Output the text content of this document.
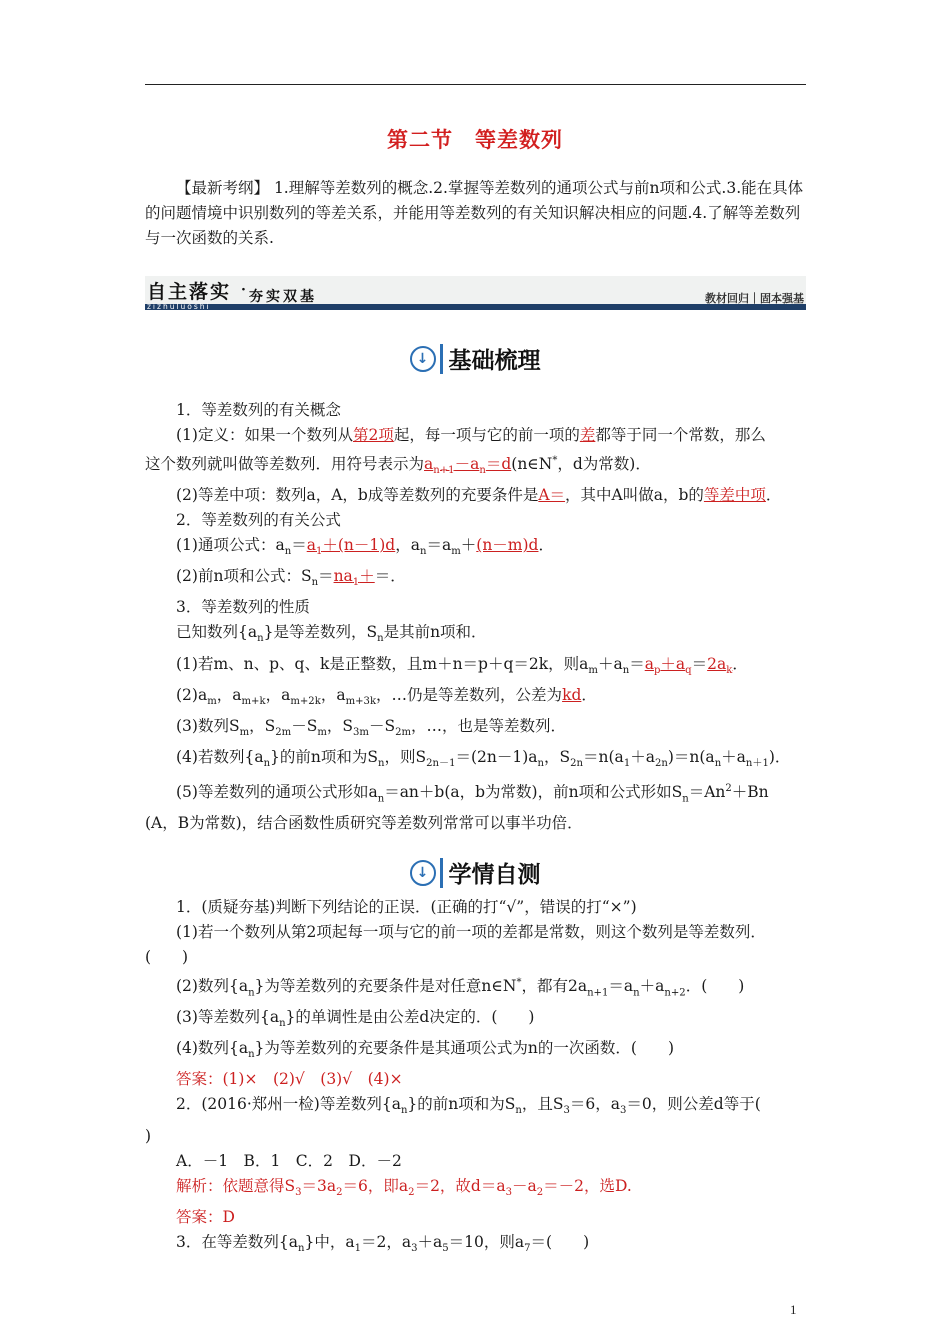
第二节　等差数列
【最新考纲】 1.理解等差数列的概念.2.掌握等差数列的通项公式与前n项和公式.3.能在具体的问题情境中识别数列的等差关系，并能用等差数列的有关知识解决相应的问题.4.了解等差数列与一次函数的关系.
自主落实 · 夯实双基
zizhuluoshi
教材回归｜固本强基
↓ 基础梳理
1．等差数列的有关概念
(1)定义：如果一个数列从第2项起，每一项与它的前一项的差都等于同一个常数，那么
这个数列就叫做等差数列．用符号表示为$a_{n+1}-a_n=d(n\in N^*$，d为常数)．
(2)等差中项：数列a，A，b成等差数列的充要条件是A＝，其中A叫做a，b的等差中项．
2．等差数列的有关公式
(1)通项公式：$a_n=a_1+(n-1)d$，$a_n=a_m+(n-m)d$．
(2)前n项和公式：$S_n=na_1+=$．
3．等差数列的性质
已知数列$\{a_n\}$是等差数列，$S_n$是其前n项和．
(1)若m、n、p、q、k是正整数，且m＋n＝p＋q＝2k，则$a_m+a_n=a_p+a_q=2a_k$．
$(2)a_m$，$a_{m+k}$，$a_{m+2k}$，$a_{m+3k}$，…仍是等差数列，公差为kd．
(3)数列$S_m$，$S_{2m}-S_m$，$S_{3m}-S_{2m}$，…，也是等差数列．
(4)若数列$\{a_n\}$的前n项和为$S_n$，则$S_{2n-1}=(2n-1)a_n$，$S_{2n}=n(a_1+a_{2n})=n(a_n+a_{n+1})$．
(5)等差数列的通项公式形如$a_n=an+b(a$，b为常数)，前n项和公式形如$S_n=An^2+Bn$
(A，B为常数)，结合函数性质研究等差数列常常可以事半功倍．
↓ 学情自测
1．(质疑夯基)判断下列结论的正误．(正确的打“√”，错误的打“×”)
(1)若一个数列从第2项起每一项与它的前一项的差都是常数，则这个数列是等差数列．
(　　)
(2)数列$\{a_n\}$为等差数列的充要条件是对任意n∈N*，都有$2a_{n+1}=a_n+a_{n+2}$．(　　)
(3)等差数列$\{a_n\}$的单调性是由公差d决定的．(　　)
(4)数列$\{a_n\}$为等差数列的充要条件是其通项公式为n的一次函数．(　　)
答案：(1)×　(2)√　(3)√　(4)×
2．(2016·郑州一检)等差数列$\{a_n\}$的前n项和为$S_n$，且$S_3=6$，$a_3=0$，则公差d等于(
)
A．－1　B．1　C．2　D．－2
解析：依题意得$S_3=3a_2=6$，即$a_2=2$，故$d=a_3-a_2=-2$，选D.
答案：D
3．在等差数列$\{a_n\}$中，$a_1=2$，$a_3+a_5=10$，则$a_7=$(　　)
1
